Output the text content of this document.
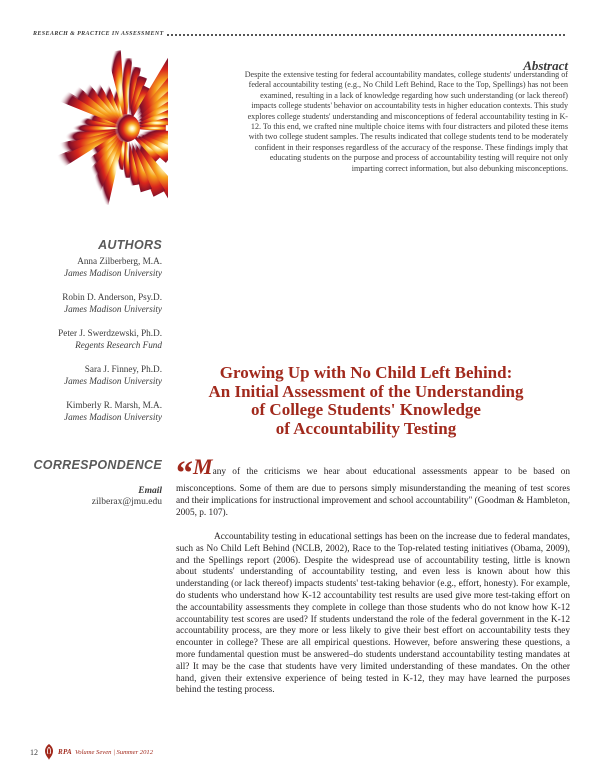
RESEARCH & PRACTICE IN ASSESSMENT
Abstract
Despite the extensive testing for federal accountability mandates, college students' understanding of federal accountability testing (e.g., No Child Left Behind, Race to the Top, Spellings) has not been examined, resulting in a lack of knowledge regarding how such understanding (or lack thereof) impacts college students' behavior on accountability tests in higher education contexts. This study explores college students' understanding and misconceptions of federal accountability testing in K-12. To this end, we crafted nine multiple choice items with four distracters and piloted these items with two college student samples. The results indicated that college students tend to be moderately confident in their responses regardless of the accuracy of the response. These findings imply that educating students on the purpose and process of accountability testing will require not only imparting correct information, but also debunking misconceptions.
AUTHORS
Anna Zilberberg, M.A.
James Madison University
Robin D. Anderson, Psy.D.
James Madison University
Peter J. Swerdzewski, Ph.D.
Regents Research Fund
Sara J. Finney, Ph.D.
James Madison University
Kimberly R. Marsh, M.A.
James Madison University
Growing Up with No Child Left Behind:
An Initial Assessment of the Understanding
of College Students' Knowledge
of Accountability Testing
CORRESPONDENCE
Email
zilberax@jmu.edu
“Many of the criticisms we hear about educational assessments appear to be based on misconceptions. Some of them are due to persons simply misunderstanding the meaning of test scores and their implications for instructional improvement and school accountability" (Goodman & Hambleton, 2005, p. 107).
Accountability testing in educational settings has been on the increase due to federal mandates, such as No Child Left Behind (NCLB, 2002), Race to the Top-related testing initiatives (Obama, 2009), and the Spellings report (2006). Despite the widespread use of accountability testing, little is known about students' understanding of accountability testing, and even less is known about how this understanding (or lack thereof) impacts students' test-taking behavior (e.g., effort, honesty). For example, do students who understand how K-12 accountability test results are used give more test-taking effort on the accountability assessments they complete in college than those students who do not know how K-12 accountability test scores are used? If students understand the role of the federal government in the K-12 accountability process, are they more or less likely to give their best effort on accountability tests they encounter in college? These are all empirical questions. However, before answering these questions, a more fundamental question must be answered–do students understand accountability testing mandates at all? It may be the case that students have very limited understanding of these mandates. On the other hand, given their extensive experience of being tested in K-12, they may have learned the purposes behind the testing process.
12	RPA Volume Seven | Summer 2012
